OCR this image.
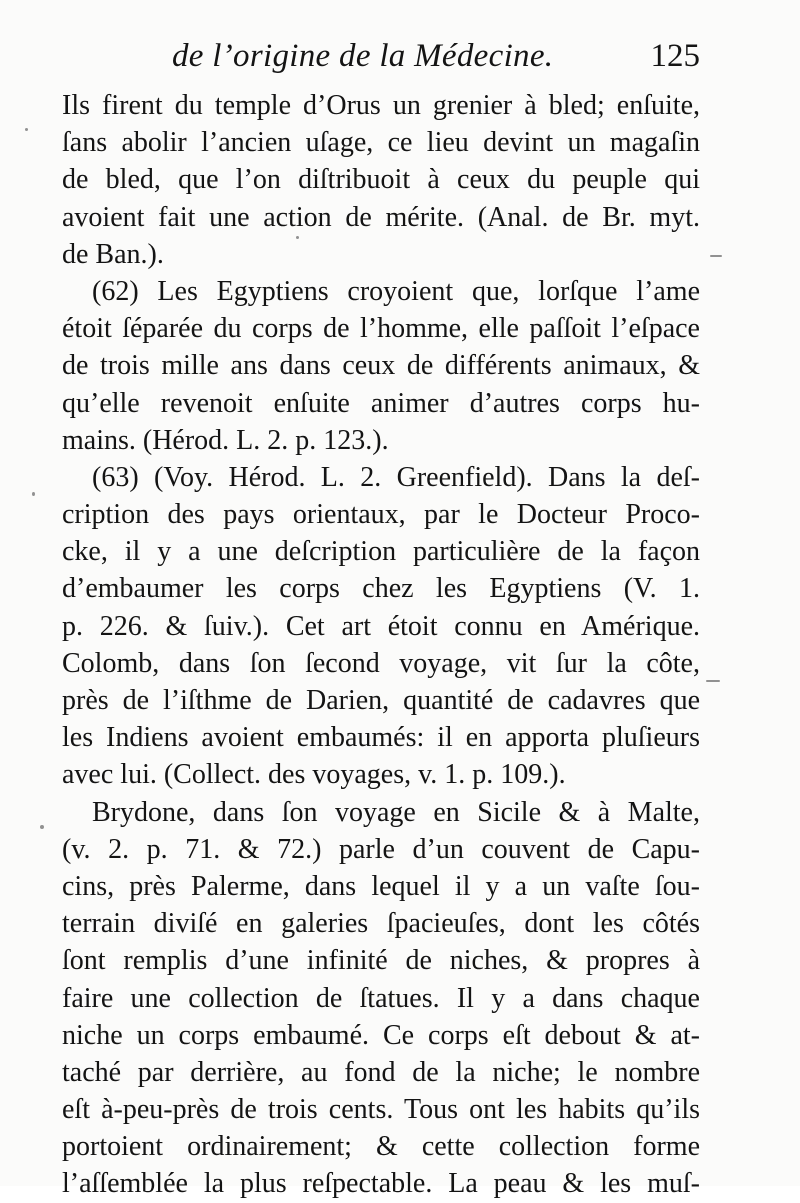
de l’origine de la Médecine.	125
Ils firent du temple d’Orus un grenier à bled; enſuite,
ſans abolir l’ancien uſage, ce lieu devint un magaſin
de bled, que l’on diſtribuoit à ceux du peuple qui
avoient fait une action de mérite. (Anal. de Br. myt.
de Ban.).
(62) Les Egyptiens croyoient que, lorſque l’ame
étoit ſéparée du corps de l’homme, elle paſſoit l’eſpace
de trois mille ans dans ceux de différents animaux, &
qu’elle revenoit enſuite animer d’autres corps hu-
mains. (Hérod. L. 2. p. 123.).
(63) (Voy. Hérod. L. 2. Greenfield). Dans la deſ-
cription des pays orientaux, par le Docteur Proco-
cke, il y a une deſcription particulière de la façon
d’embaumer les corps chez les Egyptiens (V. 1.
p. 226. & ſuiv.). Cet art étoit connu en Amérique.
Colomb, dans ſon ſecond voyage, vit ſur la côte,
près de l’iſthme de Darien, quantité de cadavres que
les Indiens avoient embaumés: il en apporta pluſieurs
avec lui. (Collect. des voyages, v. 1. p. 109.).
Brydone, dans ſon voyage en Sicile & à Malte,
(v. 2. p. 71. & 72.) parle d’un couvent de Capu-
cins, près Palerme, dans lequel il y a un vaſte ſou-
terrain diviſé en galeries ſpacieuſes, dont les côtés
ſont remplis d’une infinité de niches, & propres à
faire une collection de ſtatues. Il y a dans chaque
niche un corps embaumé. Ce corps eſt debout & at-
taché par derrière, au fond de la niche; le nombre
eſt à-peu-près de trois cents. Tous ont les habits qu’ils
portoient ordinairement; & cette collection forme
l’aſſemblée la plus reſpectable. La peau & les muſ-
